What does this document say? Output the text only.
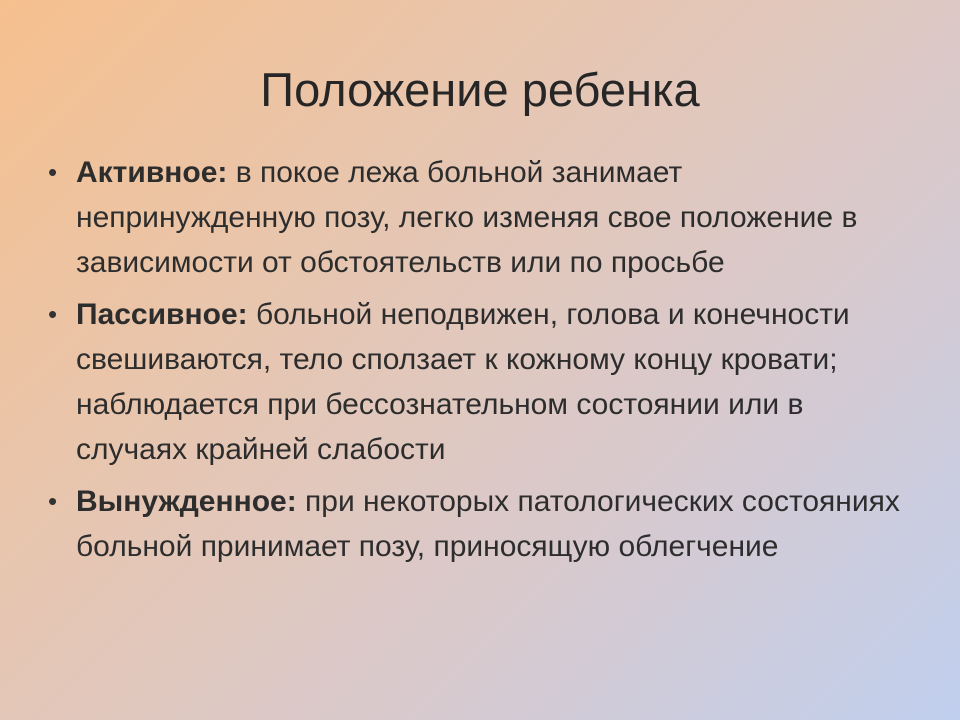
Положение ребенка
• Активное: в покое лежа больной занимает непринужденную позу, легко изменяя свое положение в зависимости от обстоятельств или по просьбе
• Пассивное: больной неподвижен, голова и конечности свешиваются, тело сползает к кожному концу кровати; наблюдается при бессознательном состоянии или в случаях крайней слабости
• Вынужденное: при некоторых патологических состояниях больной принимает позу, приносящую облегчение
